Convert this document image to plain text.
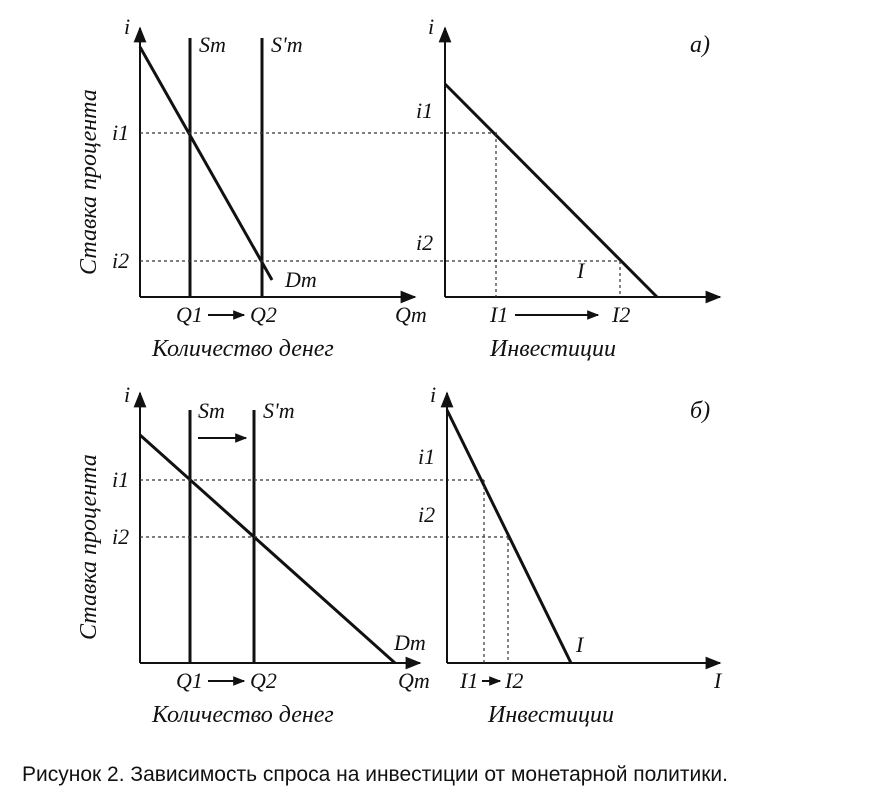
i
Ставка процента
Sm S'm
Dm
i1
i2
Q1 Q2	Qm
Количество денег
i
i1
i2
I
I1	I2
Инвестиции
а)
i
Ставка процента
Sm S'm
Dm
i1
i2
Q1 Q2	Qm
Количество денег
i
I
i1
i2
I
I1 I2
Инвестиции
б)
Рисунок 2. Зависимость спроса на инвестиции от монетарной политики.
